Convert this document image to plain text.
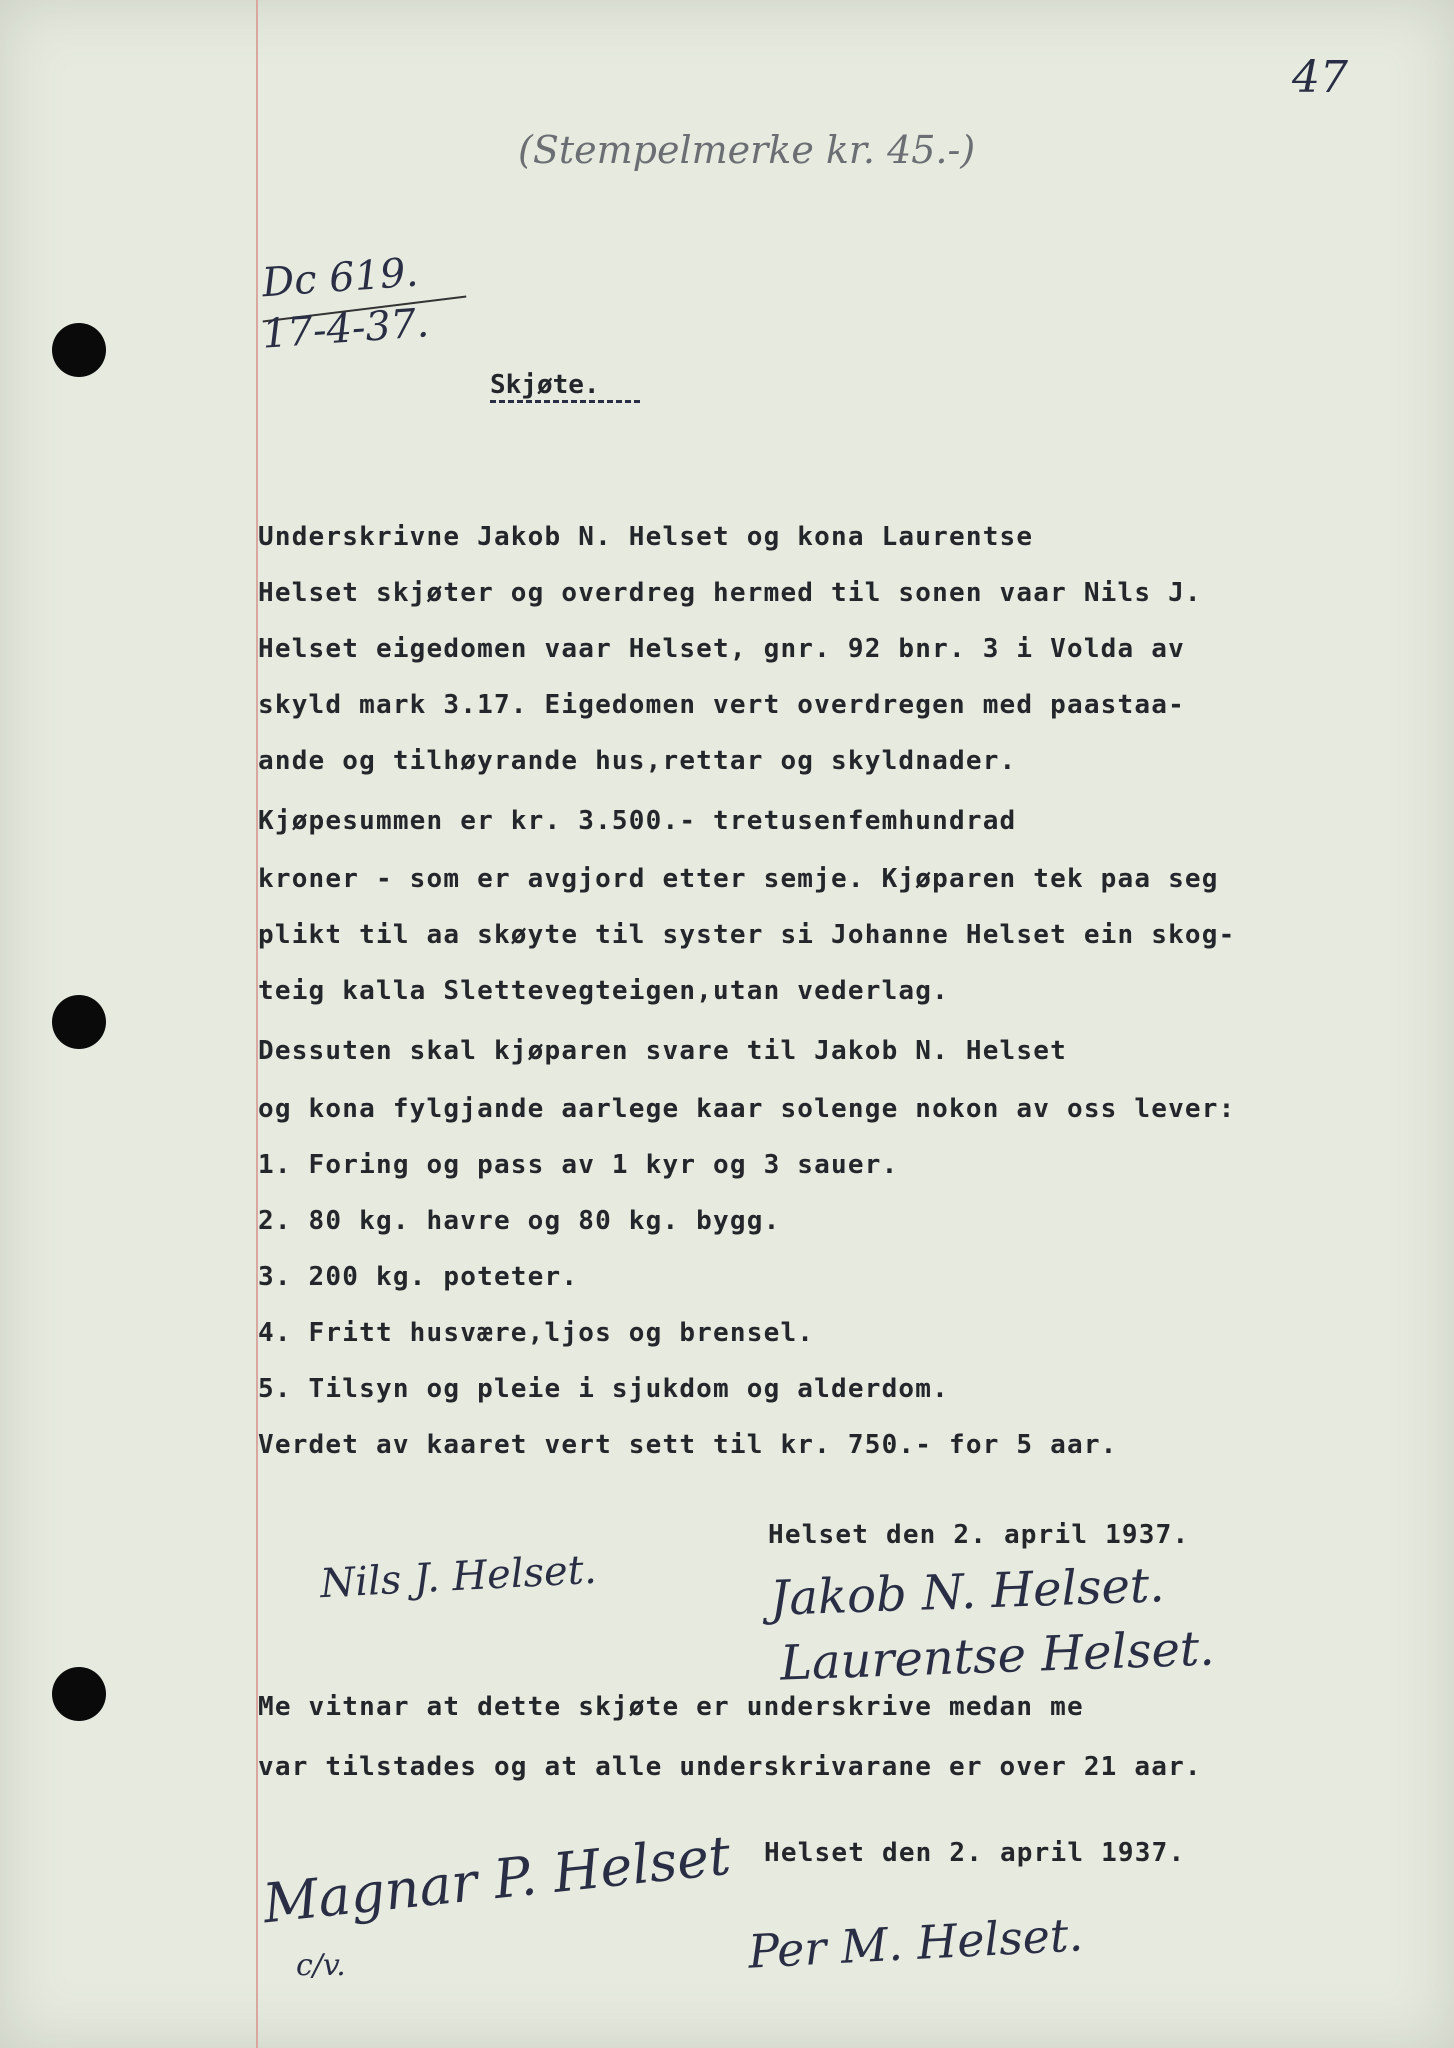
47
(Stempelmerke kr. 45.-)
Dc 619.
17-4-37.
Skjøte.
Underskrivne Jakob N. Helset og kona Laurentse
Helset skjøter og overdreg hermed til sonen vaar Nils J.
Helset eigedomen vaar Helset, gnr. 92 bnr. 3 i Volda av
skyld mark 3.17. Eigedomen vert overdregen med paastaa-
ande og tilhøyrande hus,rettar og skyldnader.
Kjøpesummen er kr. 3.500.- tretusenfemhundrad
kroner - som er avgjord etter semje. Kjøparen tek paa seg
plikt til aa skøyte til syster si Johanne Helset ein skog-
teig kalla Slettevegteigen,utan vederlag.
Dessuten skal kjøparen svare til Jakob N. Helset
og kona fylgjande aarlege kaar solenge nokon av oss lever:
1. Foring og pass av 1 kyr og 3 sauer.
2. 80 kg. havre og 80 kg. bygg.
3. 200 kg. poteter.
4. Fritt husvære,ljos og brensel.
5. Tilsyn og pleie i sjukdom og alderdom.
Verdet av kaaret vert sett til kr. 750.- for 5 aar.
Helset den 2. april 1937.
Nils J. Helset.	Jakob N. Helset.
Laurentse Helset.
Me vitnar at dette skjøte er underskrive medan me
var tilstades og at alle underskrivarane er over 21 aar.
Helset den 2. april 1937.
Magnar P. Helset
c/v.	Per M. Helset.
